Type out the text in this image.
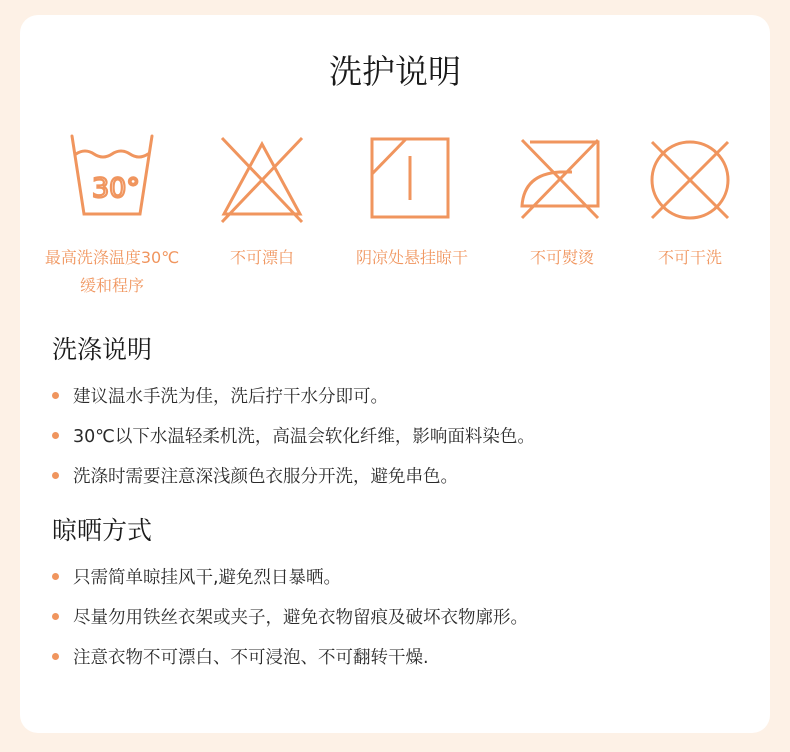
洗护说明
30°
最高洗涤温度30℃
缓和程序
不可漂白	阴凉处悬挂晾干	不可熨烫	不可干洗
洗涤说明
建议温水手洗为佳，洗后拧干水分即可。
30℃以下水温轻柔机洗，高温会软化纤维，影响面料染色。
洗涤时需要注意深浅颜色衣服分开洗，避免串色。
晾晒方式
只需简单晾挂风干,避免烈日暴晒。
尽量勿用铁丝衣架或夹子，避免衣物留痕及破坏衣物廓形。
注意衣物不可漂白、不可浸泡、不可翻转干燥.
